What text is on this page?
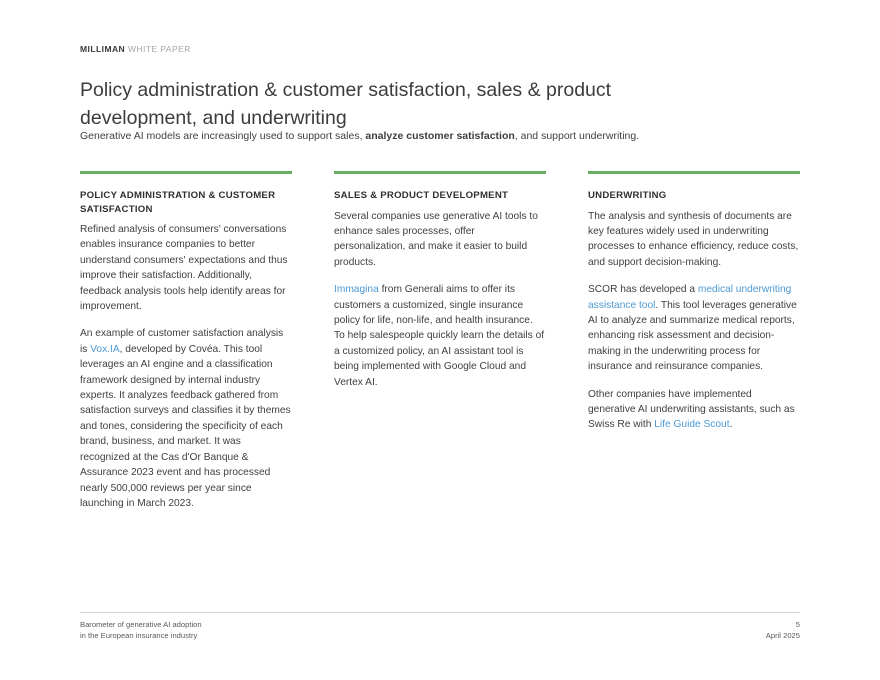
MILLIMAN WHITE PAPER
Policy administration & customer satisfaction, sales & product development, and underwriting

Generative AI models are increasingly used to support sales, analyze customer satisfaction, and support underwriting.

POLICY ADMINISTRATION & CUSTOMER SATISFACTION

Refined analysis of consumers' conversations enables insurance companies to better understand consumers' expectations and thus improve their satisfaction. Additionally, feedback analysis tools help identify areas for improvement.

An example of customer satisfaction analysis is Vox.IA, developed by Covéa. This tool leverages an AI engine and a classification framework designed by internal industry experts. It analyzes feedback gathered from satisfaction surveys and classifies it by themes and tones, considering the specificity of each brand, business, and market. It was recognized at the Cas d'Or Banque & Assurance 2023 event and has processed nearly 500,000 reviews per year since launching in March 2023.

SALES & PRODUCT DEVELOPMENT

Several companies use generative AI tools to enhance sales processes, offer personalization, and make it easier to build products.

Immagina from Generali aims to offer its customers a customized, single insurance policy for life, non-life, and health insurance. To help salespeople quickly learn the details of a customized policy, an AI assistant tool is being implemented with Google Cloud and Vertex AI.

UNDERWRITING

The analysis and synthesis of documents are key features widely used in underwriting processes to enhance efficiency, reduce costs, and support decision-making.

SCOR has developed a medical underwriting assistance tool. This tool leverages generative AI to analyze and summarize medical reports, enhancing risk assessment and decision-making in the underwriting process for insurance and reinsurance companies.

Other companies have implemented generative AI underwriting assistants, such as Swiss Re with Life Guide Scout.

Barometer of generative AI adoption
in the European insurance industry
5
April 2025
